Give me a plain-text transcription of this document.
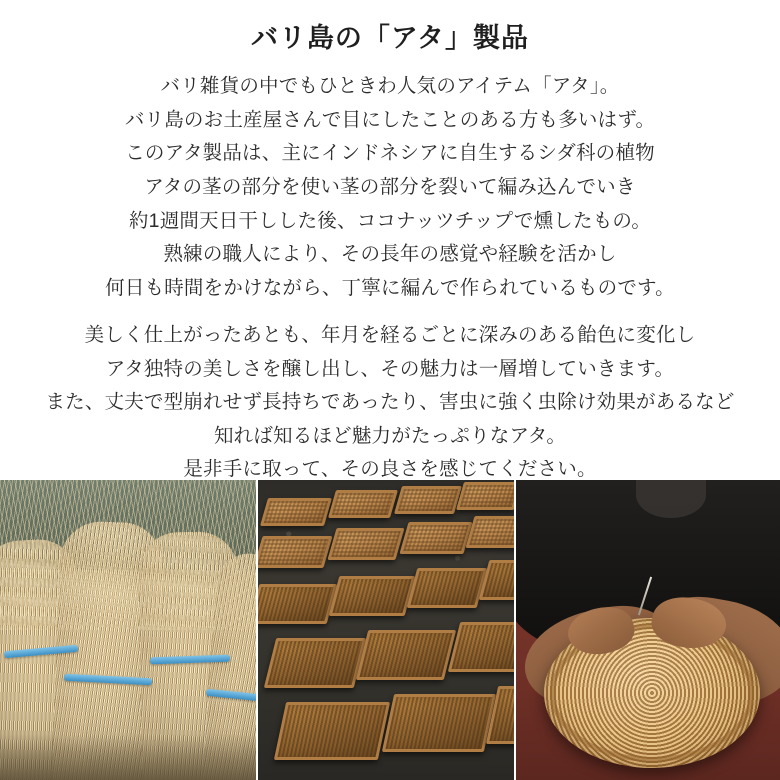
バリ島の「アタ」製品
バリ雑貨の中でもひときわ人気のアイテム「アタ」。
バリ島のお土産屋さんで目にしたことのある方も多いはず。
このアタ製品は、主にインドネシアに自生するシダ科の植物
アタの茎の部分を使い茎の部分を裂いて編み込んでいき
約1週間天日干しした後、ココナッツチップで燻したもの。
熟練の職人により、その長年の感覚や経験を活かし
何日も時間をかけながら、丁寧に編んで作られているものです。
美しく仕上がったあとも、年月を経るごとに深みのある飴色に変化し
アタ独特の美しさを醸し出し、その魅力は一層増していきます。
また、丈夫で型崩れせず長持ちであったり、害虫に強く虫除け効果があるなど
知れば知るほど魅力がたっぷりなアタ。
是非手に取って、その良さを感じてください。
